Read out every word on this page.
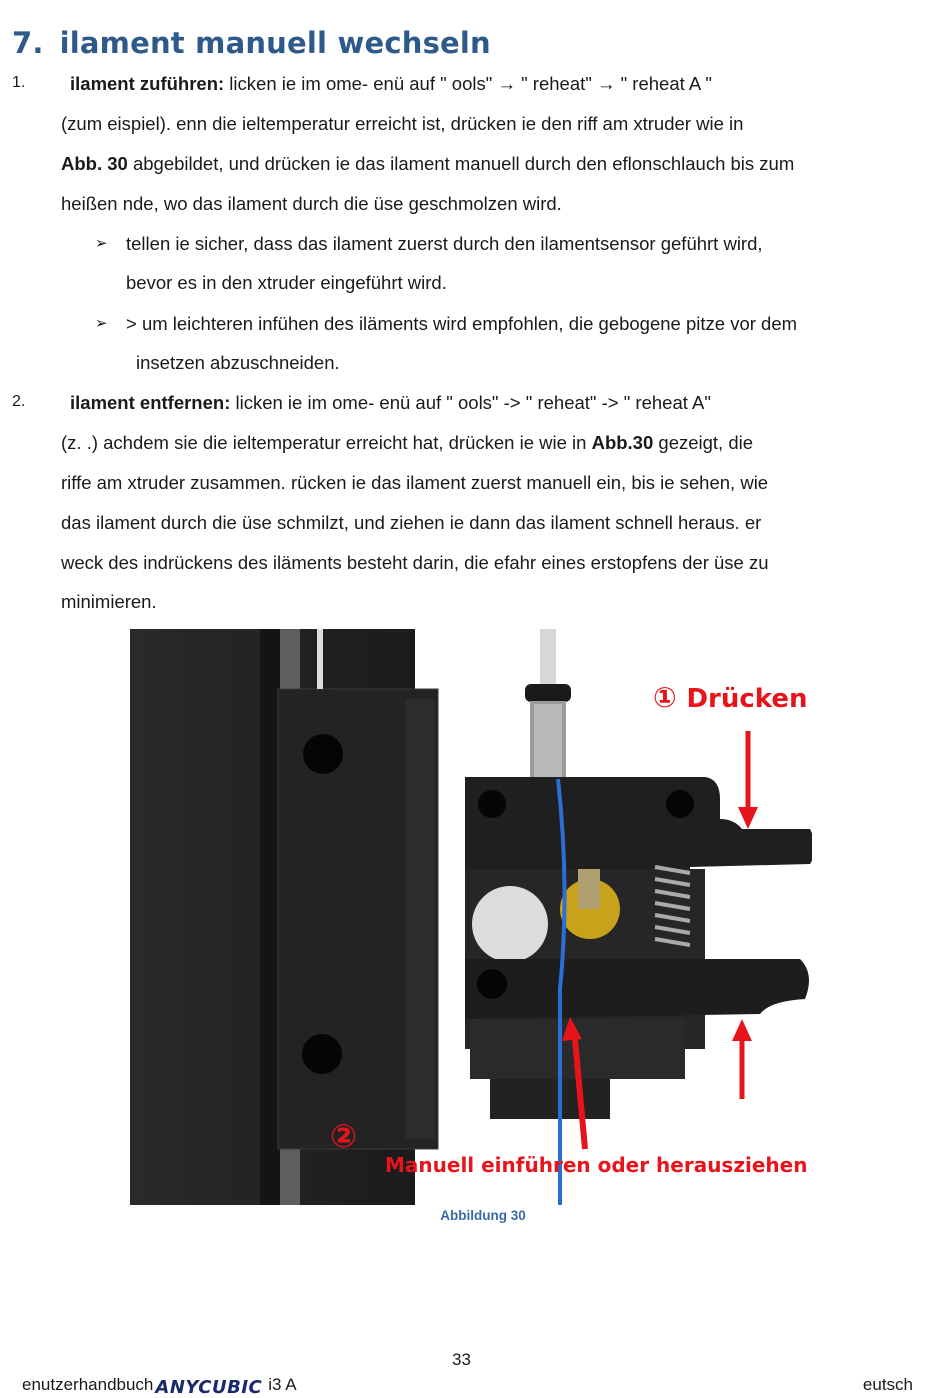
7. ilament manuell wechseln
1. ilament zuführen: licken ie im ome- enü auf " ools" → " reheat" → " reheat A "
(zum eispiel). enn die ieltemperatur erreicht ist, drücken ie den riff am xtruder wie in
Abb. 30 abgebildet, und drücken ie das ilament manuell durch den eflonschlauch bis zum
heißen nde, wo das ilament durch die üse geschmolzen wird.
➢ tellen ie sicher, dass das ilament zuerst durch den ilamentsensor geführt wird,
bevor es in den xtruder eingeführt wird.
➢ > um leichteren infühen des iläments wird empfohlen, die gebogene pitze vor dem
insetzen abzuschneiden.
2. ilament entfernen: licken ie im ome- enü auf " ools" -> " reheat" -> " reheat A"
(z. .) achdem sie die ieltemperatur erreicht hat, drücken ie wie in Abb.30 gezeigt, die
riffe am xtruder zusammen. rücken ie das ilament zuerst manuell ein, bis ie sehen, wie
das ilament durch die üse schmilzt, und ziehen ie dann das ilament schnell heraus. er
weck des indrückens des iläments besteht darin, die efahr eines erstopfens der üse zu
minimieren.
① Drücken
②
Manuell einführen oder herausziehen
Abbildung 30
33
enutzerhandbuch ANYCUBIC i3 A	eutsch
